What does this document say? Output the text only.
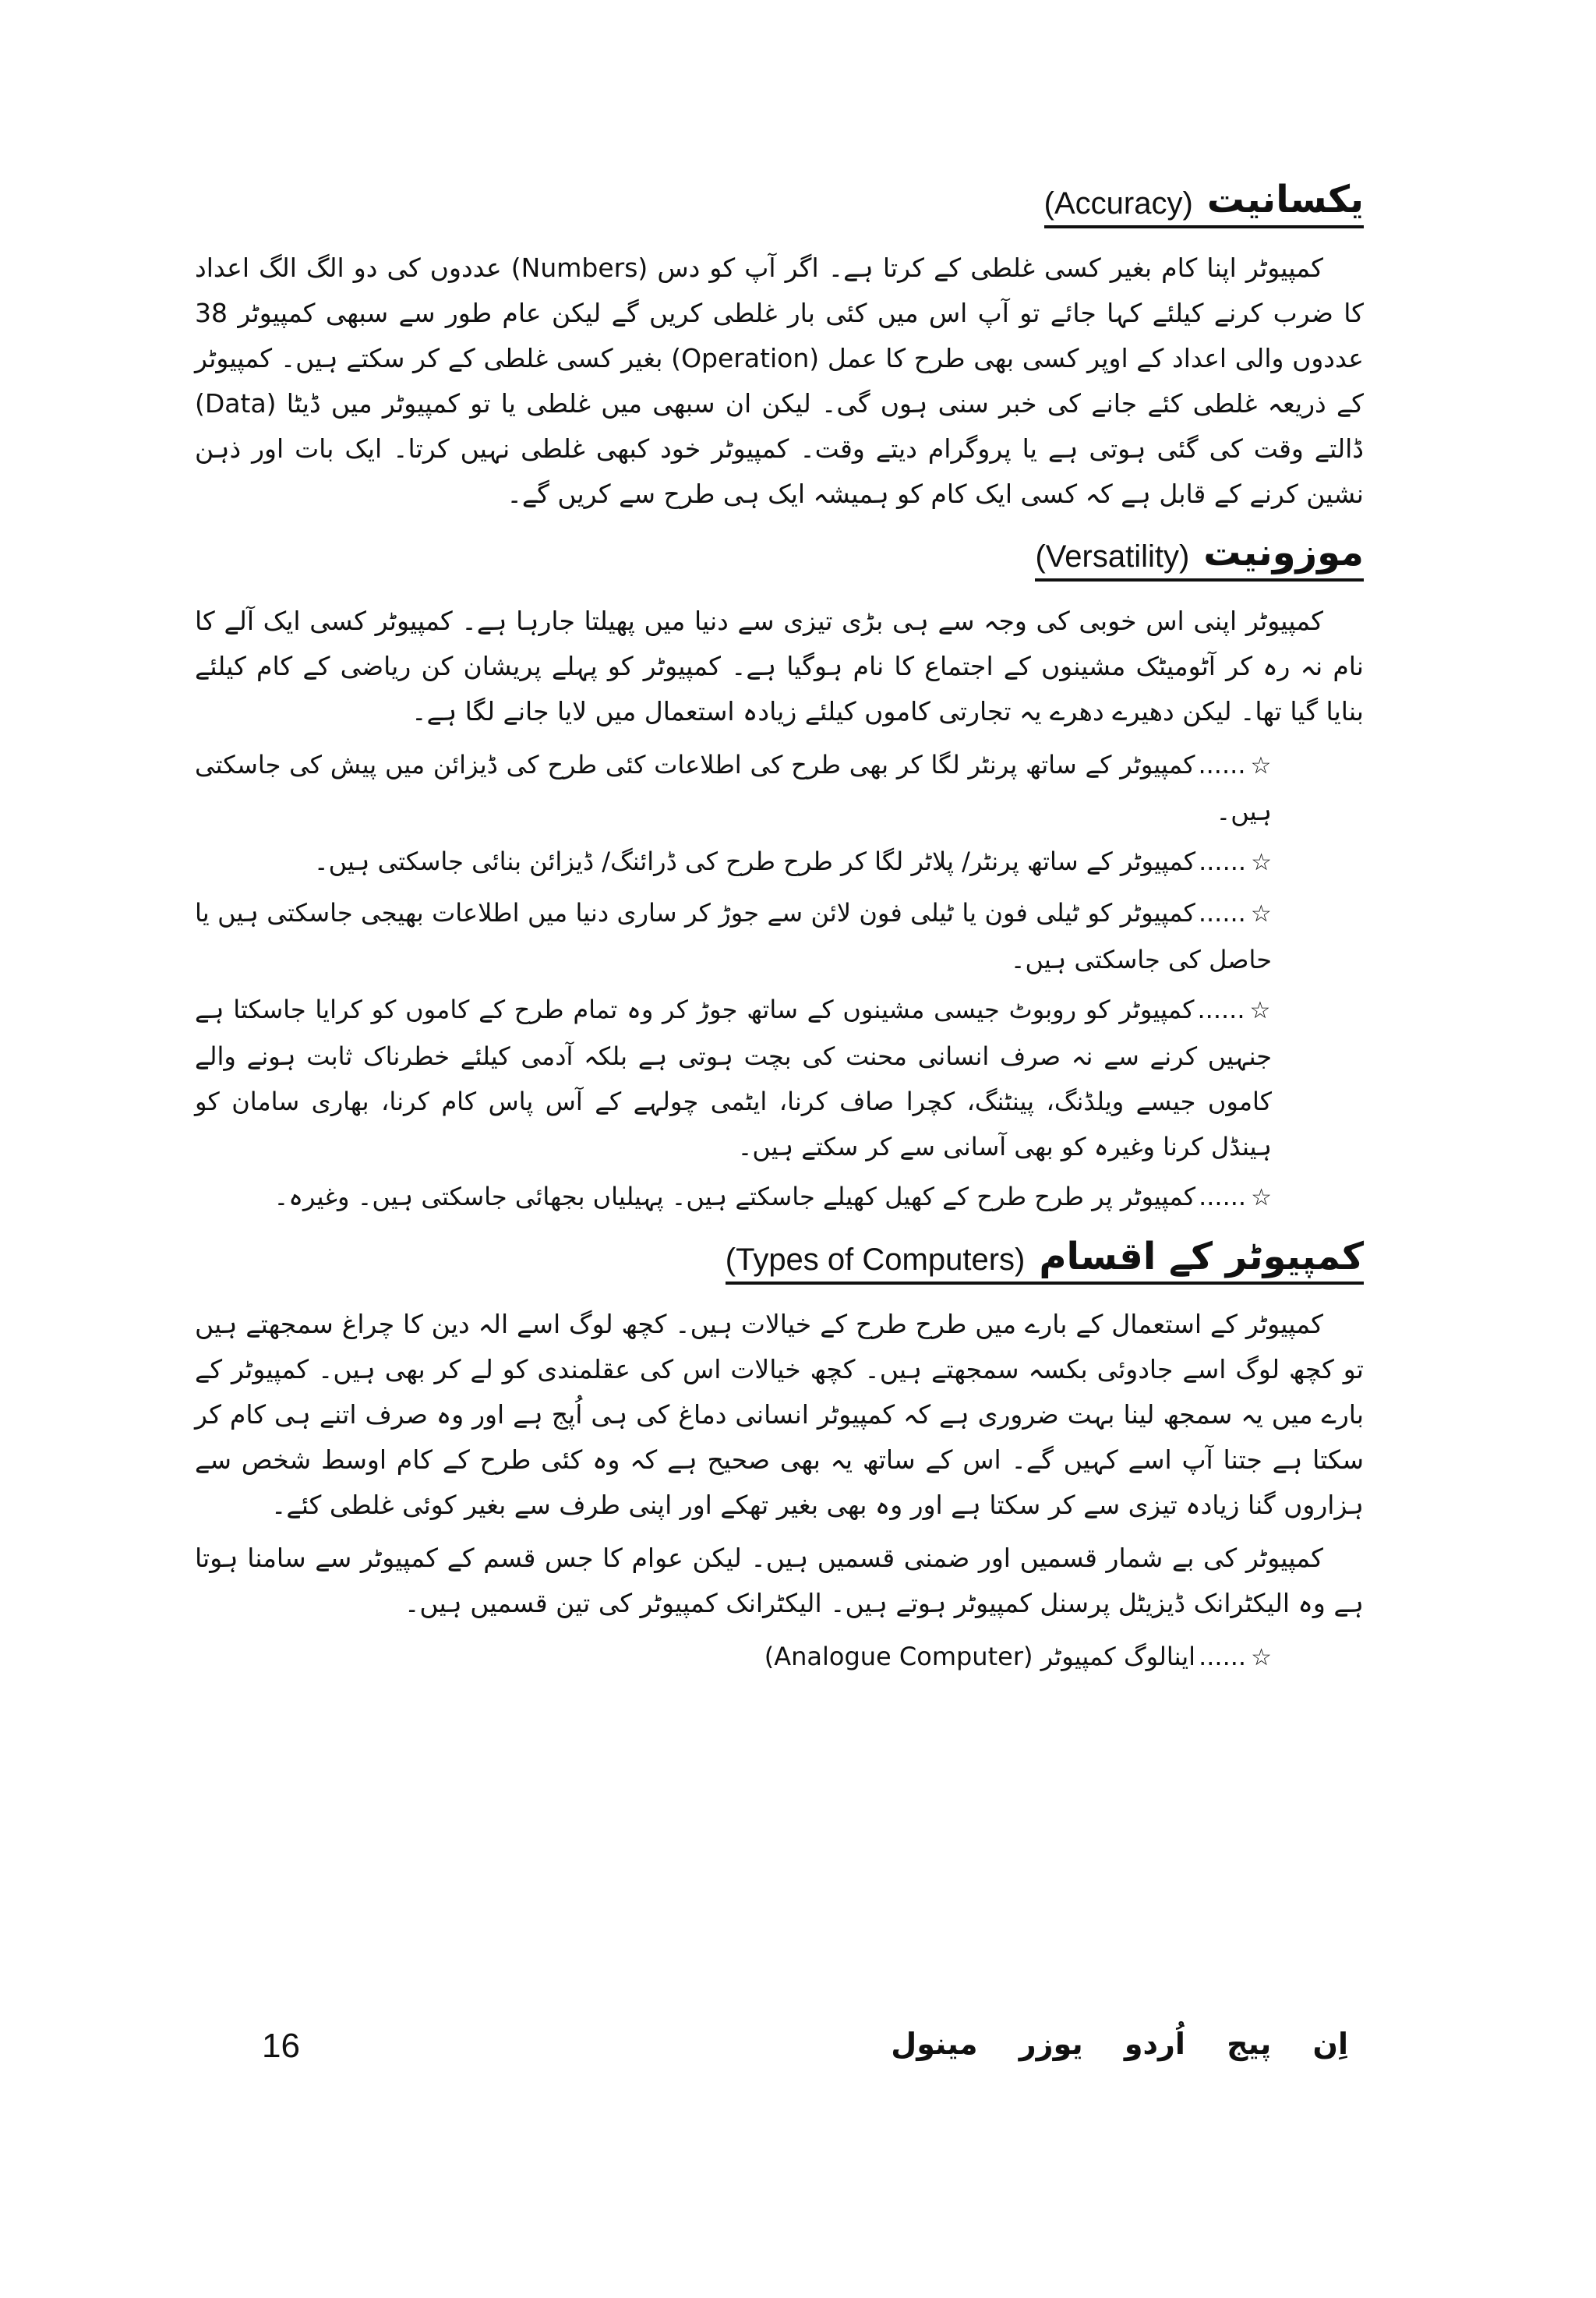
یکسانیت
(Accuracy)

کمپیوٹر اپنا کام بغیر کسی غلطی کے کرتا ہے۔ اگر آپ کو دس (Numbers) عددوں کی دو الگ الگ اعداد کا ضرب کرنے کیلئے کہا جائے تو آپ اس میں کئی بار غلطی کریں گے لیکن عام طور سے سبھی کمپیوٹر 38 عددوں والی اعداد کے اوپر کسی بھی طرح کا عمل (Operation) بغیر کسی غلطی کے کر سکتے ہیں۔ کمپیوٹر کے ذریعہ غلطی کئے جانے کی خبر سنی ہوں گی۔ لیکن ان سبھی میں غلطی یا تو کمپیوٹر میں ڈیٹا (Data) ڈالتے وقت کی گئی ہوتی ہے یا پروگرام دیتے وقت۔ کمپیوٹر خود کبھی غلطی نہیں کرتا۔ ایک بات اور ذہن نشین کرنے کے قابل ہے کہ کسی ایک کام کو ہمیشہ ایک ہی طرح سے کریں گے۔

موزونیت
(Versatility)

کمپیوٹر اپنی اس خوبی کی وجہ سے ہی بڑی تیزی سے دنیا میں پھیلتا جارہا ہے۔ کمپیوٹر کسی ایک آلے کا نام نہ رہ کر آٹومیٹک مشینوں کے اجتماع کا نام ہوگیا ہے۔ کمپیوٹر کو پہلے پریشان کن ریاضی کے کام کیلئے بنایا گیا تھا۔ لیکن دھیرے دھرے یہ تجارتی کاموں کیلئے زیادہ استعمال میں لایا جانے لگا ہے۔

☆......کمپیوٹر کے ساتھ پرنٹر لگا کر بھی طرح کی اطلاعات کئی طرح کی ڈیزائن میں پیش کی جاسکتی ہیں۔
☆......کمپیوٹر کے ساتھ پرنٹر/ پلاٹر لگا کر طرح طرح کی ڈرائنگ/ ڈیزائن بنائی جاسکتی ہیں۔
☆......کمپیوٹر کو ٹیلی فون یا ٹیلی فون لائن سے جوڑ کر ساری دنیا میں اطلاعات بھیجی جاسکتی ہیں یا حاصل کی جاسکتی ہیں۔
☆......کمپیوٹر کو روبوٹ جیسی مشینوں کے ساتھ جوڑ کر وہ تمام طرح کے کاموں کو کرایا جاسکتا ہے جنہیں کرنے سے نہ صرف انسانی محنت کی بچت ہوتی ہے بلکہ آدمی کیلئے خطرناک ثابت ہونے والے کاموں جیسے ویلڈنگ، پینٹنگ، کچرا صاف کرنا، ایٹمی چولہے کے آس پاس کام کرنا، بھاری سامان کو ہینڈل کرنا وغیرہ کو بھی آسانی سے کر سکتے ہیں۔
☆......کمپیوٹر پر طرح طرح کے کھیل کھیلے جاسکتے ہیں۔ پہیلیاں بجھائی جاسکتی ہیں۔ وغیرہ۔
کمپیوٹر کے اقسام
(Types of Computers)

کمپیوٹر کے استعمال کے بارے میں طرح طرح کے خیالات ہیں۔ کچھ لوگ اسے الہ دین کا چراغ سمجھتے ہیں تو کچھ لوگ اسے جادوئی بکسہ سمجھتے ہیں۔ کچھ خیالات اس کی عقلمندی کو لے کر بھی ہیں۔ کمپیوٹر کے بارے میں یہ سمجھ لینا بہت ضروری ہے کہ کمپیوٹر انسانی دماغ کی ہی اُپج ہے اور وہ صرف اتنے ہی کام کر سکتا ہے جتنا آپ اسے کہیں گے۔ اس کے ساتھ یہ بھی صحیح ہے کہ وہ کئی طرح کے کام اوسط شخص سے ہزاروں گنا زیادہ تیزی سے کر سکتا ہے اور وہ بھی بغیر تھکے اور اپنی طرف سے بغیر کوئی غلطی کئے۔

کمپیوٹر کی بے شمار قسمیں اور ضمنی قسمیں ہیں۔ لیکن عوام کا جس قسم کے کمپیوٹر سے سامنا ہوتا ہے وہ الیکٹرانک ڈیزیٹل پرسنل کمپیوٹر ہوتے ہیں۔ الیکٹرانک کمپیوٹر کی تین قسمیں ہیں۔

☆......اینالوگ کمپیوٹر (Analogue Computer)
16	اِن پیج اُردو یوزر مینول
